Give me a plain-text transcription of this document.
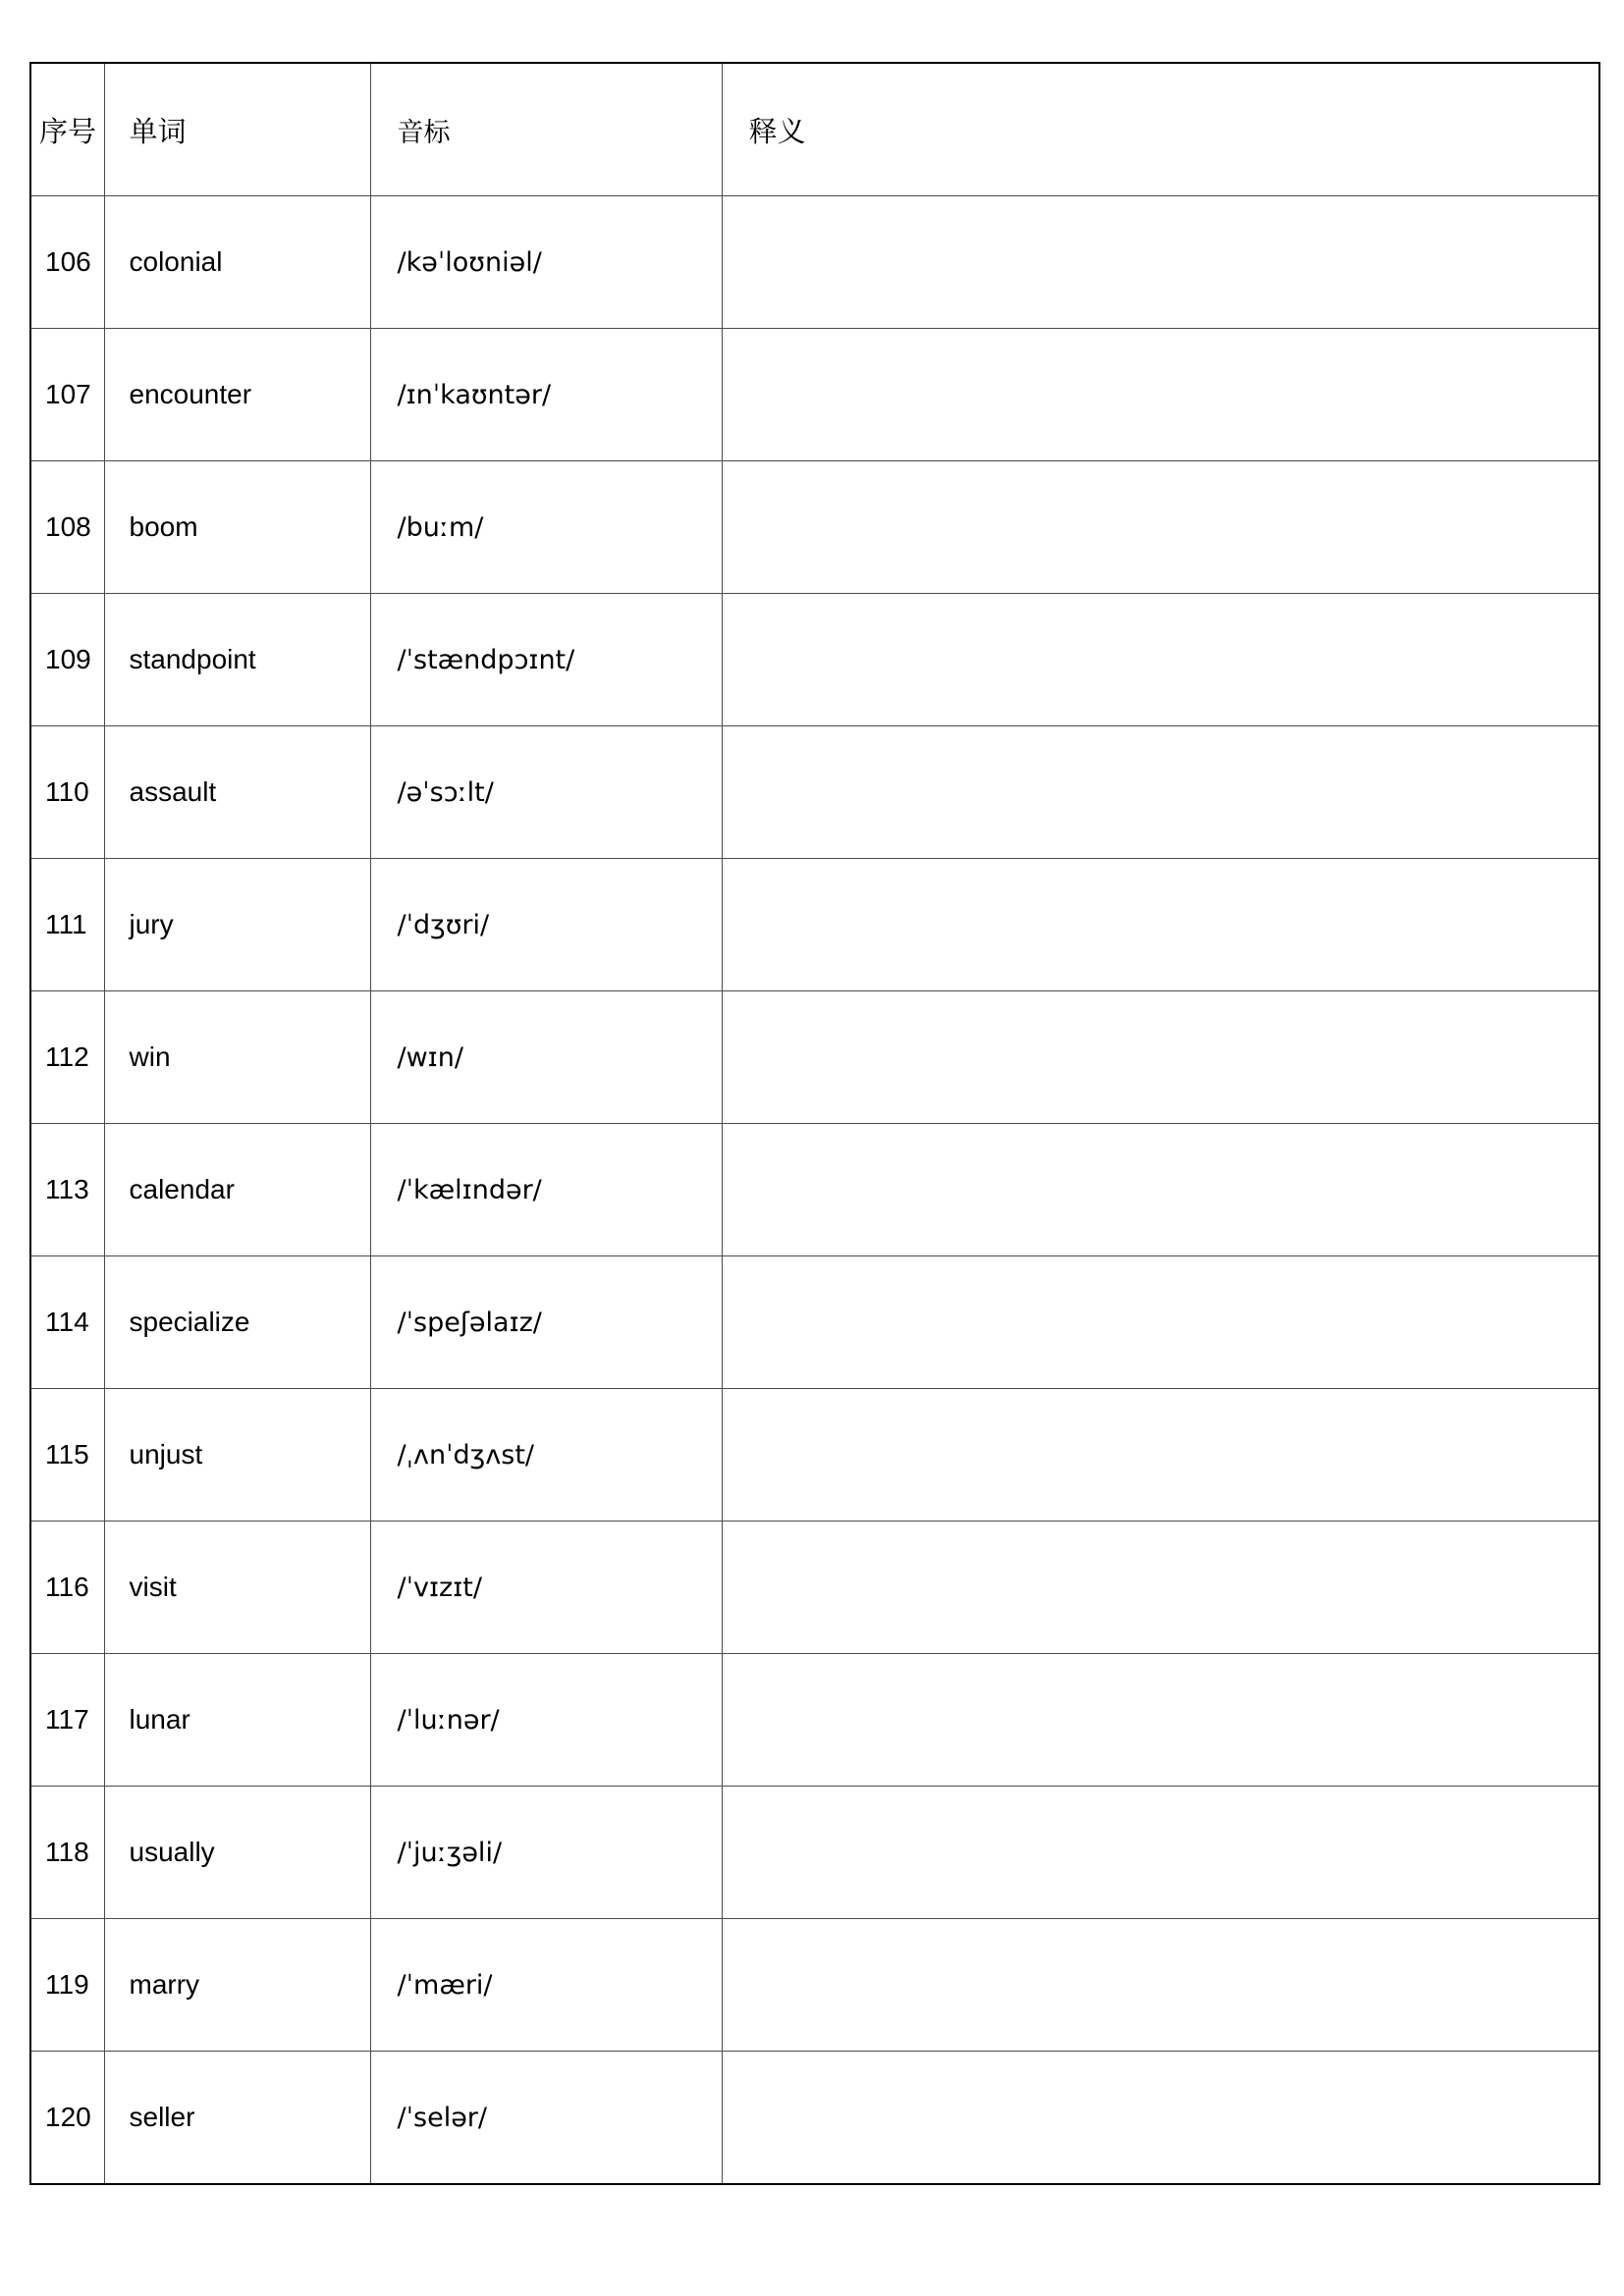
序号	单词	音标	释义
106	colonial	/kəˈloʊniəl/	
107	encounter	/ɪnˈkaʊntər/	
108	boom	/buːm/	
109	standpoint	/ˈstændpɔɪnt/	
110	assault	/əˈsɔːlt/	
111	jury	/ˈdʒʊri/	
112	win	/wɪn/	
113	calendar	/ˈkælɪndər/	
114	specialize	/ˈspeʃəlaɪz/	
115	unjust	/ˌʌnˈdʒʌst/	
116	visit	/ˈvɪzɪt/	
117	lunar	/ˈluːnər/	
118	usually	/ˈjuːʒəli/	
119	marry	/ˈmæri/	
120	seller	/ˈselər/	
